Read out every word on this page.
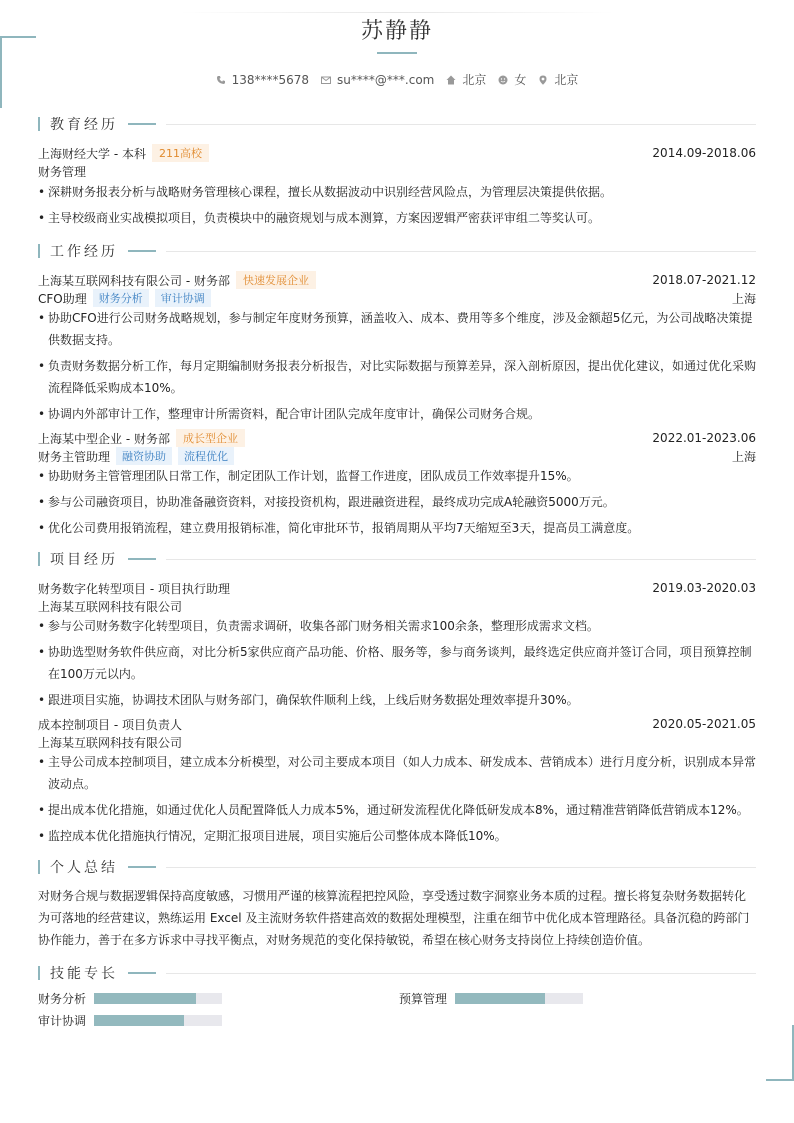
苏静静
138****5678 su****@***.com 北京 女 北京
教育经历
上海财经大学 - 本科	211高校	2014.09-2018.06
财务管理
• 深耕财务报表分析与战略财务管理核心课程，擅长从数据波动中识别经营风险点，为管理层决策提供依据。
• 主导校级商业实战模拟项目，负责模块中的融资规划与成本测算，方案因逻辑严密获评审组二等奖认可。
工作经历
上海某互联网科技有限公司 - 财务部	快速发展企业	2018.07-2021.12
CFO助理	财务分析	审计协调	上海
• 协助CFO进行公司财务战略规划，参与制定年度财务预算，涵盖收入、成本、费用等多个维度，涉及金额超5亿元，为公司战略决策提供数据支持。
• 负责财务数据分析工作，每月定期编制财务报表分析报告，对比实际数据与预算差异，深入剖析原因，提出优化建议，如通过优化采购流程降低采购成本10%。
• 协调内外部审计工作，整理审计所需资料，配合审计团队完成年度审计，确保公司财务合规。
上海某中型企业 - 财务部	成长型企业	2022.01-2023.06
财务主管助理	融资协助	流程优化	上海
• 协助财务主管管理团队日常工作，制定团队工作计划，监督工作进度，团队成员工作效率提升15%。
• 参与公司融资项目，协助准备融资资料，对接投资机构，跟进融资进程，最终成功完成A轮融资5000万元。
• 优化公司费用报销流程，建立费用报销标准，简化审批环节，报销周期从平均7天缩短至3天，提高员工满意度。
项目经历
财务数字化转型项目 - 项目执行助理	2019.03-2020.03
上海某互联网科技有限公司
• 参与公司财务数字化转型项目，负责需求调研，收集各部门财务相关需求100余条，整理形成需求文档。
• 协助选型财务软件供应商，对比分析5家供应商产品功能、价格、服务等，参与商务谈判，最终选定供应商并签订合同，项目预算控制在100万元以内。
• 跟进项目实施，协调技术团队与财务部门，确保软件顺利上线，上线后财务数据处理效率提升30%。
成本控制项目 - 项目负责人	2020.05-2021.05
上海某互联网科技有限公司
• 主导公司成本控制项目，建立成本分析模型，对公司主要成本项目（如人力成本、研发成本、营销成本）进行月度分析，识别成本异常波动点。
• 提出成本优化措施，如通过优化人员配置降低人力成本5%，通过研发流程优化降低研发成本8%，通过精准营销降低营销成本12%。
• 监控成本优化措施执行情况，定期汇报项目进展，项目实施后公司整体成本降低10%。
个人总结
对财务合规与数据逻辑保持高度敏感，习惯用严谨的核算流程把控风险，享受透过数字洞察业务本质的过程。擅长将复杂财务数据转化为可落地的经营建议，熟练运用 Excel 及主流财务软件搭建高效的数据处理模型，注重在细节中优化成本管理路径。具备沉稳的跨部门协作能力，善于在多方诉求中寻找平衡点，对财务规范的变化保持敏锐，希望在核心财务支持岗位上持续创造价值。
技能专长
财务分析	预算管理
审计协调
